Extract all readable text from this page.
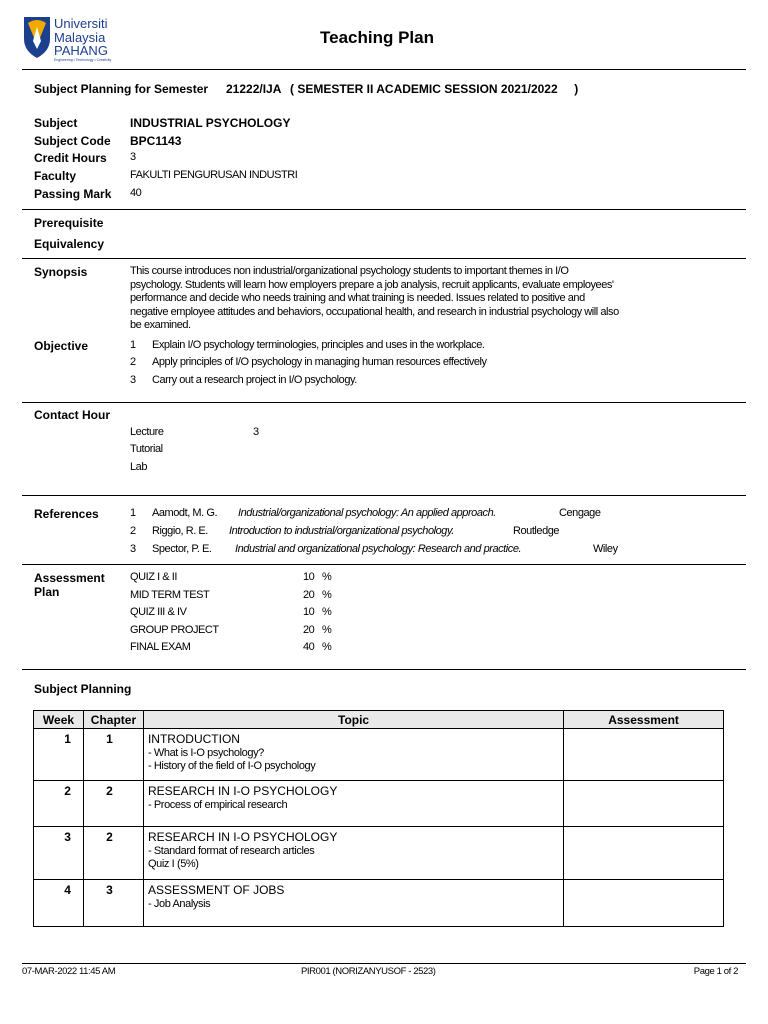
Universiti
Malaysia
PAHANG
Engineering • Technology • Creativity
Teaching Plan
Subject Planning for Semester 21222/IJA ( SEMESTER II ACADEMIC SESSION 2021/2022     )
Subject	INDUSTRIAL PSYCHOLOGY
Subject Code BPC1143
Credit Hours 3
Faculty	FAKULTI PENGURUSAN INDUSTRI
Passing Mark 40
Prerequisite
Equivalency
Synopsis	This course introduces non industrial/organizational psychology students to important themes in I/O psychology. Students will learn how employers prepare a job analysis, recruit applicants, evaluate employees' performance and decide who needs training and what training is needed. Issues related to positive and negative employee attitudes and behaviors, occupational health, and research in industrial psychology will also be examined.
Objective	1 Explain I/O psychology terminologies, principles and uses in the workplace.
2 Apply principles of I/O psychology in managing human resources effectively
3 Carry out a research project in I/O psychology.
Contact Hour
Lecture	3
Tutorial
Lab
References	1 Aamodt, M. G. Industrial/organizational psychology: An applied approach.	Cengage
2 Riggio, R. E. Introduction to industrial/organizational psychology.	Routledge
3 Spector, P. E. Industrial and organizational psychology: Research and practice.	Wiley
Assessment
Plan
QUIZ I & II	10 %
MID TERM TEST	20 %
QUIZ III & IV	10 %
GROUP PROJECT	20 %
FINAL EXAM	40 %
Subject Planning
Week	Chapter	Topic	Assessment
1	1	INTRODUCTION
- What is I-O psychology?
- History of the field of I-O psychology	

2	2	RESEARCH IN I-O PSYCHOLOGY
- Process of empirical research	

3	2	RESEARCH IN I-O PSYCHOLOGY
- Standard format of research articles
Quiz I (5%)	

4	3	ASSESSMENT OF JOBS
- Job Analysis	

07-MAR-2022 11:45 AM	PIR001 (NORIZANYUSOF - 2523)	Page 1 of 2
